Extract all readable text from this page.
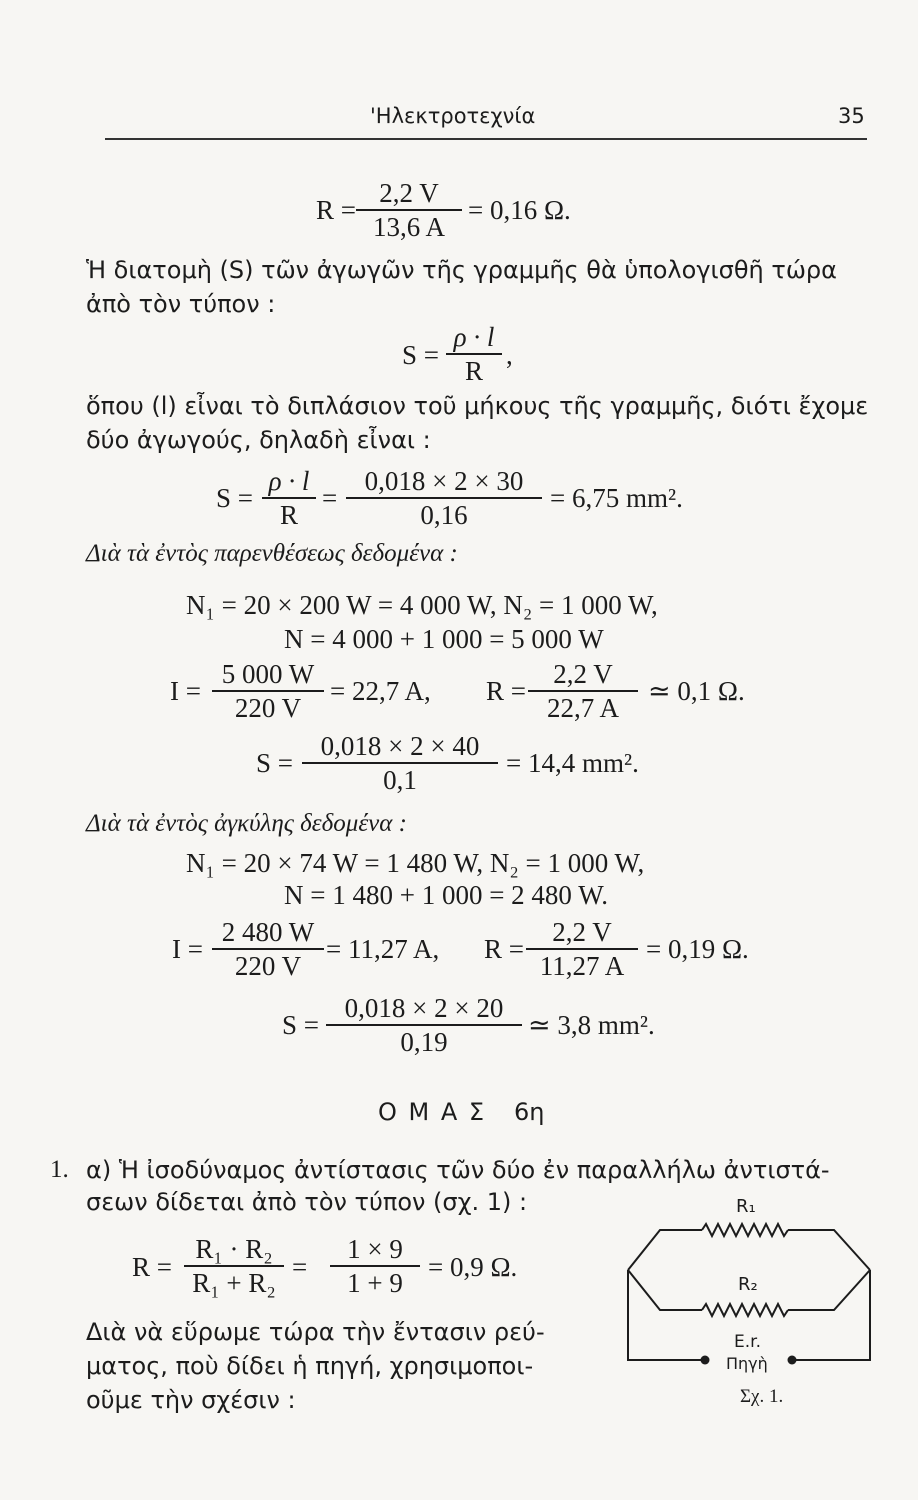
'Ηλεκτροτεχνία	35
R =
2,2 V
13,6 A
= 0,16 Ω.
Ἡ διατομὴ (S) τῶν ἀγωγῶν τῆς γραμμῆς θὰ ὑπολογισθῆ τώρα
ἀπὸ τὸν τύπον :
S =
ρ · l
R
,
ὅπου (l) εἶναι τὸ διπλάσιον τοῦ μήκους τῆς γραμμῆς, διότι ἔχομε
δύο ἀγωγούς, δηλαδὴ εἶναι :
S =
ρ · l
R
=
0,018 × 2 × 30
0,16
= 6,75 mm².
Διὰ τὰ ἐντὸς παρενθέσεως δεδομένα :
N₁ = 20 × 200 W = 4 000 W, N₂ = 1 000 W,
N = 4 000 + 1 000 = 5 000 W
I =
5 000 W
220 V
= 22,7 A, R =
2,2 V
22,7 A
≃ 0,1 Ω.
S =
0,018 × 2 × 40
0,1
= 14,4 mm².
Διὰ τὰ ἐντὸς ἀγκύλης δεδομένα :
N₁ = 20 × 74 W = 1 480 W, N₂ = 1 000 W,
N = 1 480 + 1 000 = 2 480 W.
I =
2 480 W
220 V
= 11,27 A, R =
2,2 V
11,27 A
= 0,19 Ω.
S =
0,018 × 2 × 20
0,19
≃ 3,8 mm².
Ο Μ Α Σ 6η
1. α) Ἡ ἰσοδύναμος ἀντίστασις τῶν δύο ἐν παραλλήλω ἀντιστά-
σεων δίδεται ἀπὸ τὸν τύπον (σχ. 1) :
R =
R₁ · R₂
R₁ + R₂
=
1 × 9
1 + 9
= 0,9 Ω.
Διὰ νὰ εὕρωμε τώρα τὴν ἔντασιν ρεύ-
ματος, ποὺ δίδει ἡ πηγή, χρησιμοποι-
οῦμε τὴν σχέσιν :
R₁
R₂
Ε.r.
Πηγὴ
Σχ. 1.
